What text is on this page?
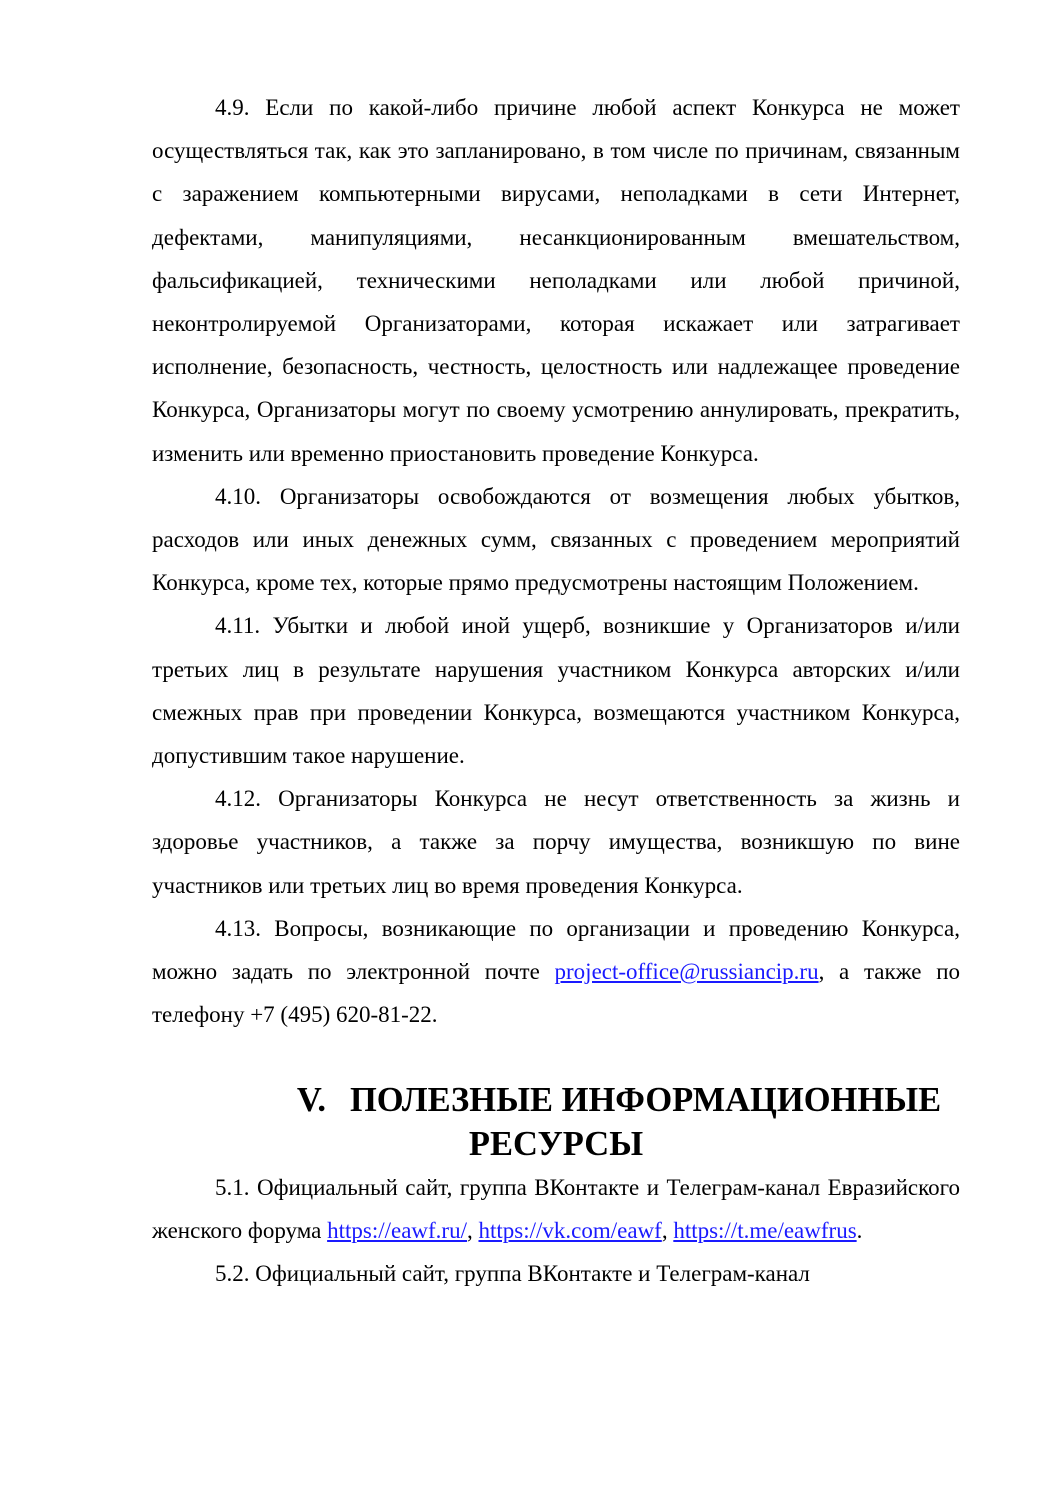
4.9. Если по какой-либо причине любой аспект Конкурса не может осуществляться так, как это запланировано, в том числе по причинам, связанным с заражением компьютерными вирусами, неполадками в сети Интернет, дефектами, манипуляциями, несанкционированным вмешательством, фальсификацией, техническими неполадками или любой причиной, неконтролируемой Организаторами, которая искажает или затрагивает исполнение, безопасность, честность, целостность или надлежащее проведение Конкурса, Организаторы могут по своему усмотрению аннулировать, прекратить, изменить или временно приостановить проведение Конкурса.

4.10. Организаторы освобождаются от возмещения любых убытков, расходов или иных денежных сумм, связанных с проведением мероприятий Конкурса, кроме тех, которые прямо предусмотрены настоящим Положением.

4.11. Убытки и любой иной ущерб, возникшие у Организаторов и/или третьих лиц в результате нарушения участником Конкурса авторских и/или смежных прав при проведении Конкурса, возмещаются участником Конкурса, допустившим такое нарушение.

4.12. Организаторы Конкурса не несут ответственность за жизнь и здоровье участников, а также за порчу имущества, возникшую по вине участников или третьих лиц во время проведения Конкурса.

4.13. Вопросы, возникающие по организации и проведению Конкурса, можно задать по электронной почте project-office@russiancip.ru, а также по телефону +7 (495) 620-81-22.

V. ПОЛЕЗНЫЕ ИНФОРМАЦИОННЫЕ РЕСУРСЫ

5.1. Официальный сайт, группа ВКонтакте и Телеграм-канал Евразийского женского форума https://eawf.ru/, https://vk.com/eawf, https://t.me/eawfrus.

5.2. Официальный сайт, группа ВКонтакте и Телеграм-канал
